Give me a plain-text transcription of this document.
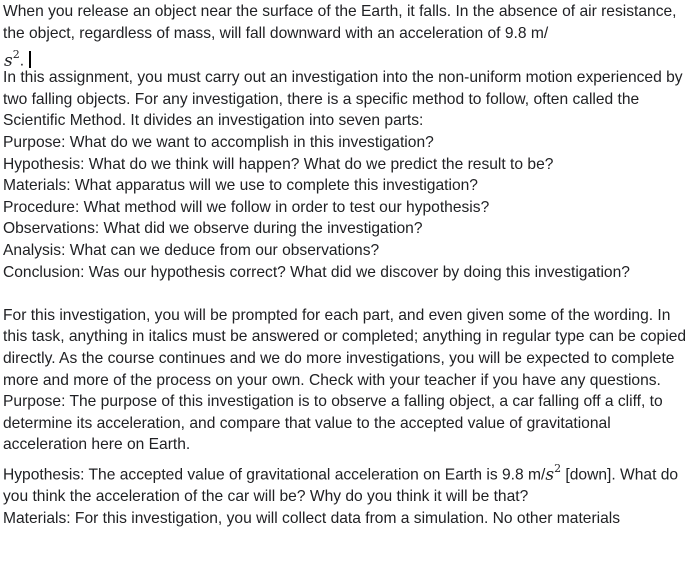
When you release an object near the surface of the Earth, it falls. In the absence of air resistance, the object, regardless of mass, will fall downward with an acceleration of 9.8 m/
$s^2$.

In this assignment, you must carry out an investigation into the non-uniform motion experienced by two falling objects. For any investigation, there is a specific method to follow, often called the Scientific Method. It divides an investigation into seven parts:

Purpose: What do we want to accomplish in this investigation?

Hypothesis: What do we think will happen? What do we predict the result to be?

Materials: What apparatus will we use to complete this investigation?

Procedure: What method will we follow in order to test our hypothesis?

Observations: What did we observe during the investigation?

Analysis: What can we deduce from our observations?

Conclusion: Was our hypothesis correct? What did we discover by doing this investigation?

For this investigation, you will be prompted for each part, and even given some of the wording. In this task, anything in italics must be answered or completed; anything in regular type can be copied directly. As the course continues and we do more investigations, you will be expected to complete more and more of the process on your own. Check with your teacher if you have any questions.

Purpose: The purpose of this investigation is to observe a falling object, a car falling off a cliff, to determine its acceleration, and compare that value to the accepted value of gravitational acceleration here on Earth.

Hypothesis: The accepted value of gravitational acceleration on Earth is 9.8 $m/s^2$ [down]. What do you think the acceleration of the car will be? Why do you think it will be that?

Materials: For this investigation, you will collect data from a simulation. No other materials
